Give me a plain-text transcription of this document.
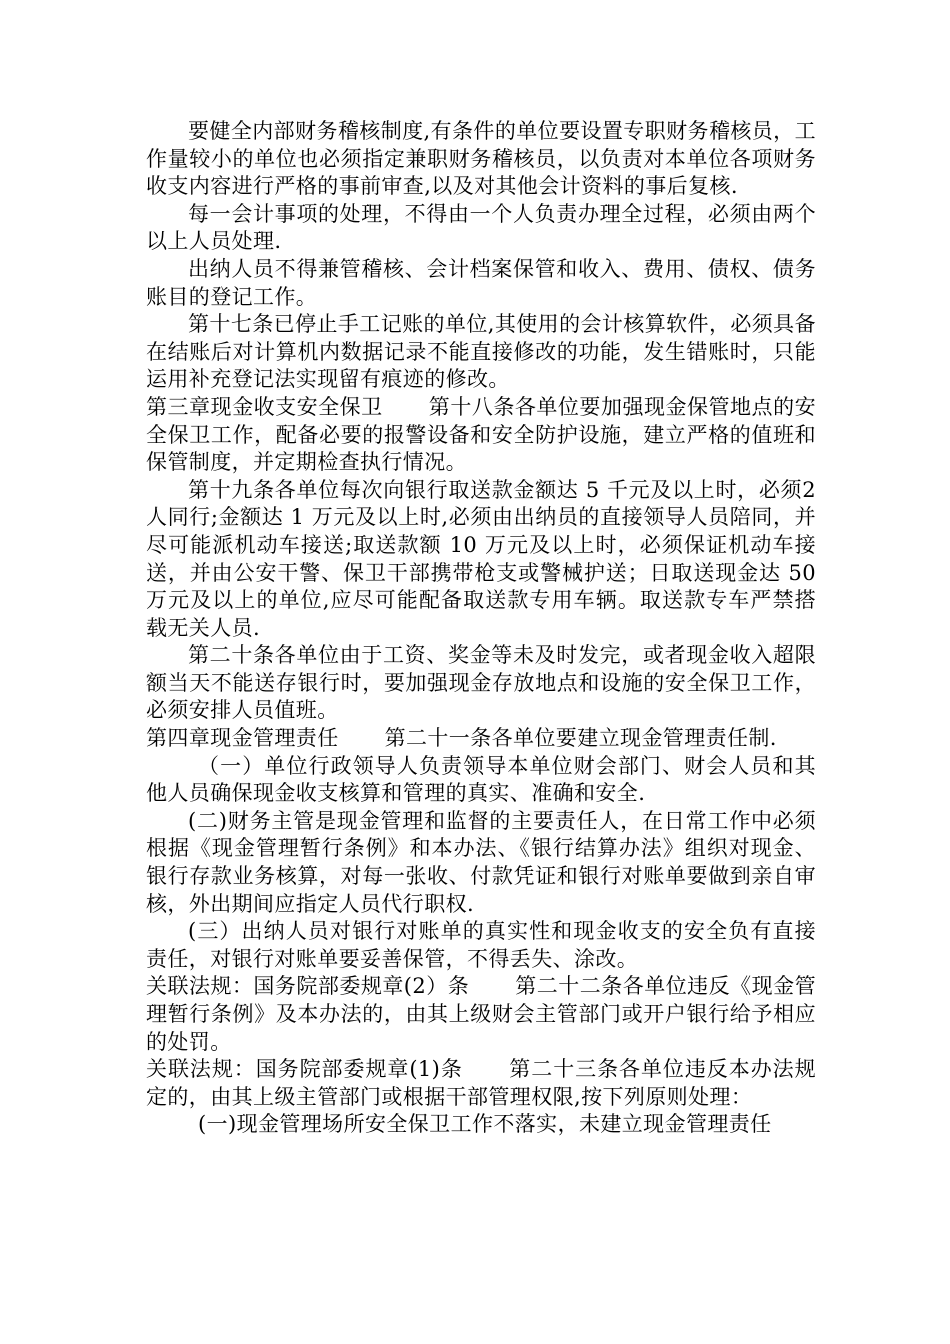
要健全内部财务稽核制度,有条件的单位要设置专职财务稽核员，工作量较小的单位也必须指定兼职财务稽核员，以负责对本单位各项财务收支内容进行严格的事前审查,以及对其他会计资料的事后复核.

每一会计事项的处理，不得由一个人负责办理全过程，必须由两个以上人员处理.

出纳人员不得兼管稽核、会计档案保管和收入、费用、债权、债务账目的登记工作。

第十七条已停止手工记账的单位,其使用的会计核算软件，必须具备在结账后对计算机内数据记录不能直接修改的功能，发生错账时，只能运用补充登记法实现留有痕迹的修改。

第三章现金收支安全保卫 第十八条各单位要加强现金保管地点的安全保卫工作，配备必要的报警设备和安全防护设施，建立严格的值班和保管制度，并定期检查执行情况。

第十九条各单位每次向银行取送款金额达 5 千元及以上时，必须2 人同行;金额达 1 万元及以上时,必须由出纳员的直接领导人员陪同，并尽可能派机动车接送;取送款额 10 万元及以上时，必须保证机动车接送，并由公安干警、保卫干部携带枪支或警械护送；日取送现金达 50 万元及以上的单位,应尽可能配备取送款专用车辆。取送款专车严禁搭载无关人员.

第二十条各单位由于工资、奖金等未及时发完，或者现金收入超限额当天不能送存银行时，要加强现金存放地点和设施的安全保卫工作，必须安排人员值班。

第四章现金管理责任 第二十一条各单位要建立现金管理责任制.

（一）单位行政领导人负责领导本单位财会部门、财会人员和其他人员确保现金收支核算和管理的真实、准确和安全.

(二)财务主管是现金管理和监督的主要责任人，在日常工作中必须根据《现金管理暂行条例》和本办法、《银行结算办法》组织对现金、银行存款业务核算，对每一张收、付款凭证和银行对账单要做到亲自审核，外出期间应指定人员代行职权.

(三）出纳人员对银行对账单的真实性和现金收支的安全负有直接责任，对银行对账单要妥善保管，不得丢失、涂改。

关联法规：国务院部委规章(2）条 第二十二条各单位违反《现金管理暂行条例》及本办法的，由其上级财会主管部门或开户银行给予相应的处罚。

关联法规：国务院部委规章(1)条 第二十三条各单位违反本办法规定的，由其上级主管部门或根据干部管理权限,按下列原则处理：

(一)现金管理场所安全保卫工作不落实，未建立现金管理责任
